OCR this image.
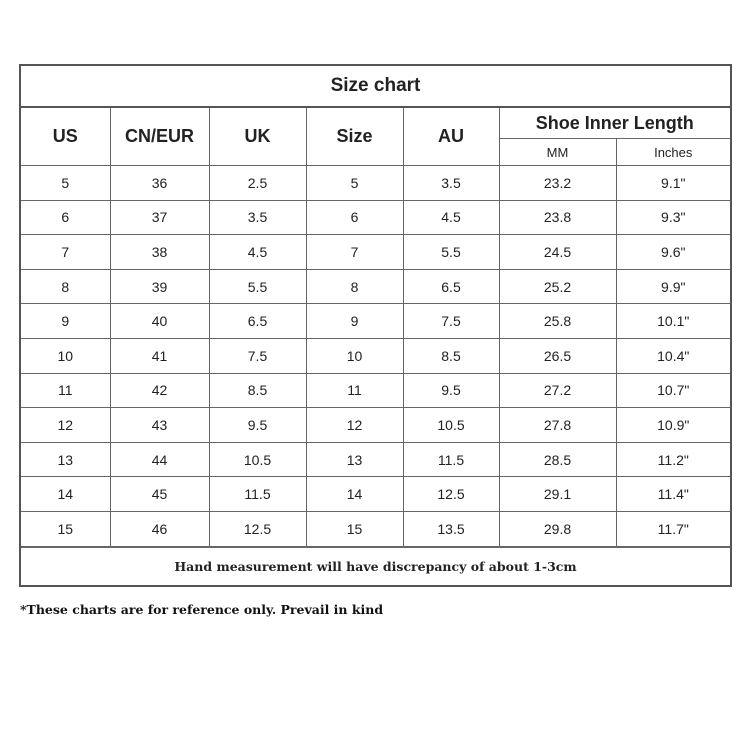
Size chart
US	CN/EUR	UK	Size	AU	Shoe Inner Length	
					MM	Inches
5	36	2.5	5	3.5	23.2	9.1"
6	37	3.5	6	4.5	23.8	9.3"
7	38	4.5	7	5.5	24.5	9.6"
8	39	5.5	8	6.5	25.2	9.9"
9	40	6.5	9	7.5	25.8	10.1"
10	41	7.5	10	8.5	26.5	10.4"
11	42	8.5	11	9.5	27.2	10.7"
12	43	9.5	12	10.5	27.8	10.9"
13	44	10.5	13	11.5	28.5	11.2"
14	45	11.5	14	12.5	29.1	11.4"
15	46	12.5	15	13.5	29.8	11.7"
Hand measurement will have discrepancy of about 1-3cm
*These charts are for reference only. Prevail in kind
